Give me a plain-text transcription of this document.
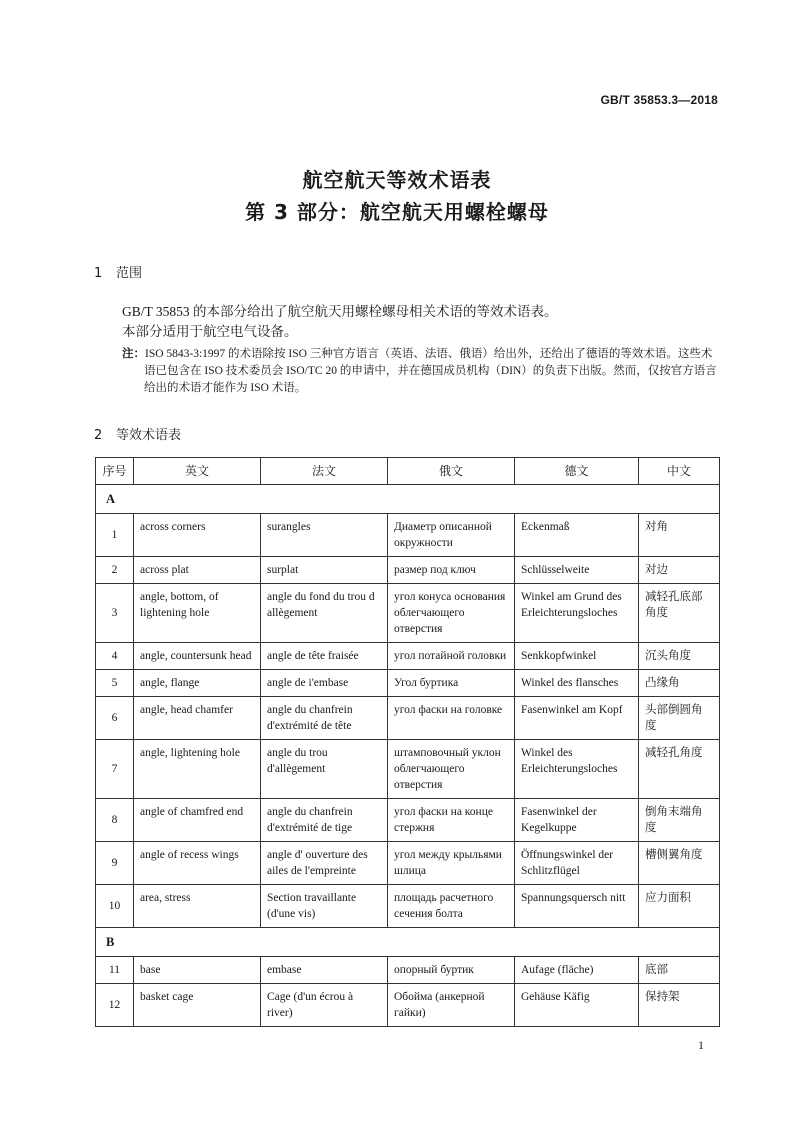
GB/T 35853.3—2018
航空航天等效术语表
第 3 部分：航空航天用螺栓螺母
1 范围
GB/T 35853 的本部分给出了航空航天用螺栓螺母相关术语的等效术语表。
本部分适用于航空电气设备。
注：ISO 5843-3:1997 的术语除按 ISO 三种官方语言（英语、法语、俄语）给出外，还给出了德语的等效术语。这些术语已包含在 ISO 技术委员会 ISO/TC 20 的申请中，并在德国成员机构（DIN）的负责下出版。然而，仅按官方语言给出的术语才能作为 ISO 术语。
2 等效术语表
序号	英文	法文	俄文	德文	中文
A					
1	across corners	surangles	Диаметр описанной окружности	Eckenmaß	对角
2	across plat	surplat	размер под ключ	Schlüsselweite	对边
3	angle, bottom, of lightening hole	angle du fond du trou d allègement	угол конуса основания облегчающего отверстия	Winkel am Grund des Erleichterungsloches	减轻孔底部角度
4	angle, countersunk head	angle de tête fraisée	угол потайной головки	Senkkopfwinkel	沉头角度
5	angle, flange	angle de i'embase	Угол буртика	Winkel des flansches	凸缘角
6	angle, head chamfer	angle du chanfrein d'extrémité de tête	угол фаски на головке	Fasenwinkel am Kopf	头部倒圆角度
7	angle, lightening hole	angle du trou d'allègement	штамповочный уклон облегчающего отверстия	Winkel des Erleichterungsloches	减轻孔角度
8	angle of chamfred end	angle du chanfrein d'extrémité de tige	угол фаски на конце стержня	Fasenwinkel der Kegelkuppe	倒角末端角度
9	angle of recess wings	angle d' ouverture des ailes de l'empreinte	угол между крыльями шлица	Öffnungswinkel der Schlitzflügel	槽侧翼角度
10	area, stress	Section travaillante (d'une vis)	площадь расчетного сечения болта	Spannungsquersch nitt	应力面积
B					
11	base	embase	опорный буртик	Aufage (fläche)	底部
12	basket cage	Cage (d'un écrou à river)	Обойма (анкерной гайки)	Gehäuse Käfig	保持架
1
